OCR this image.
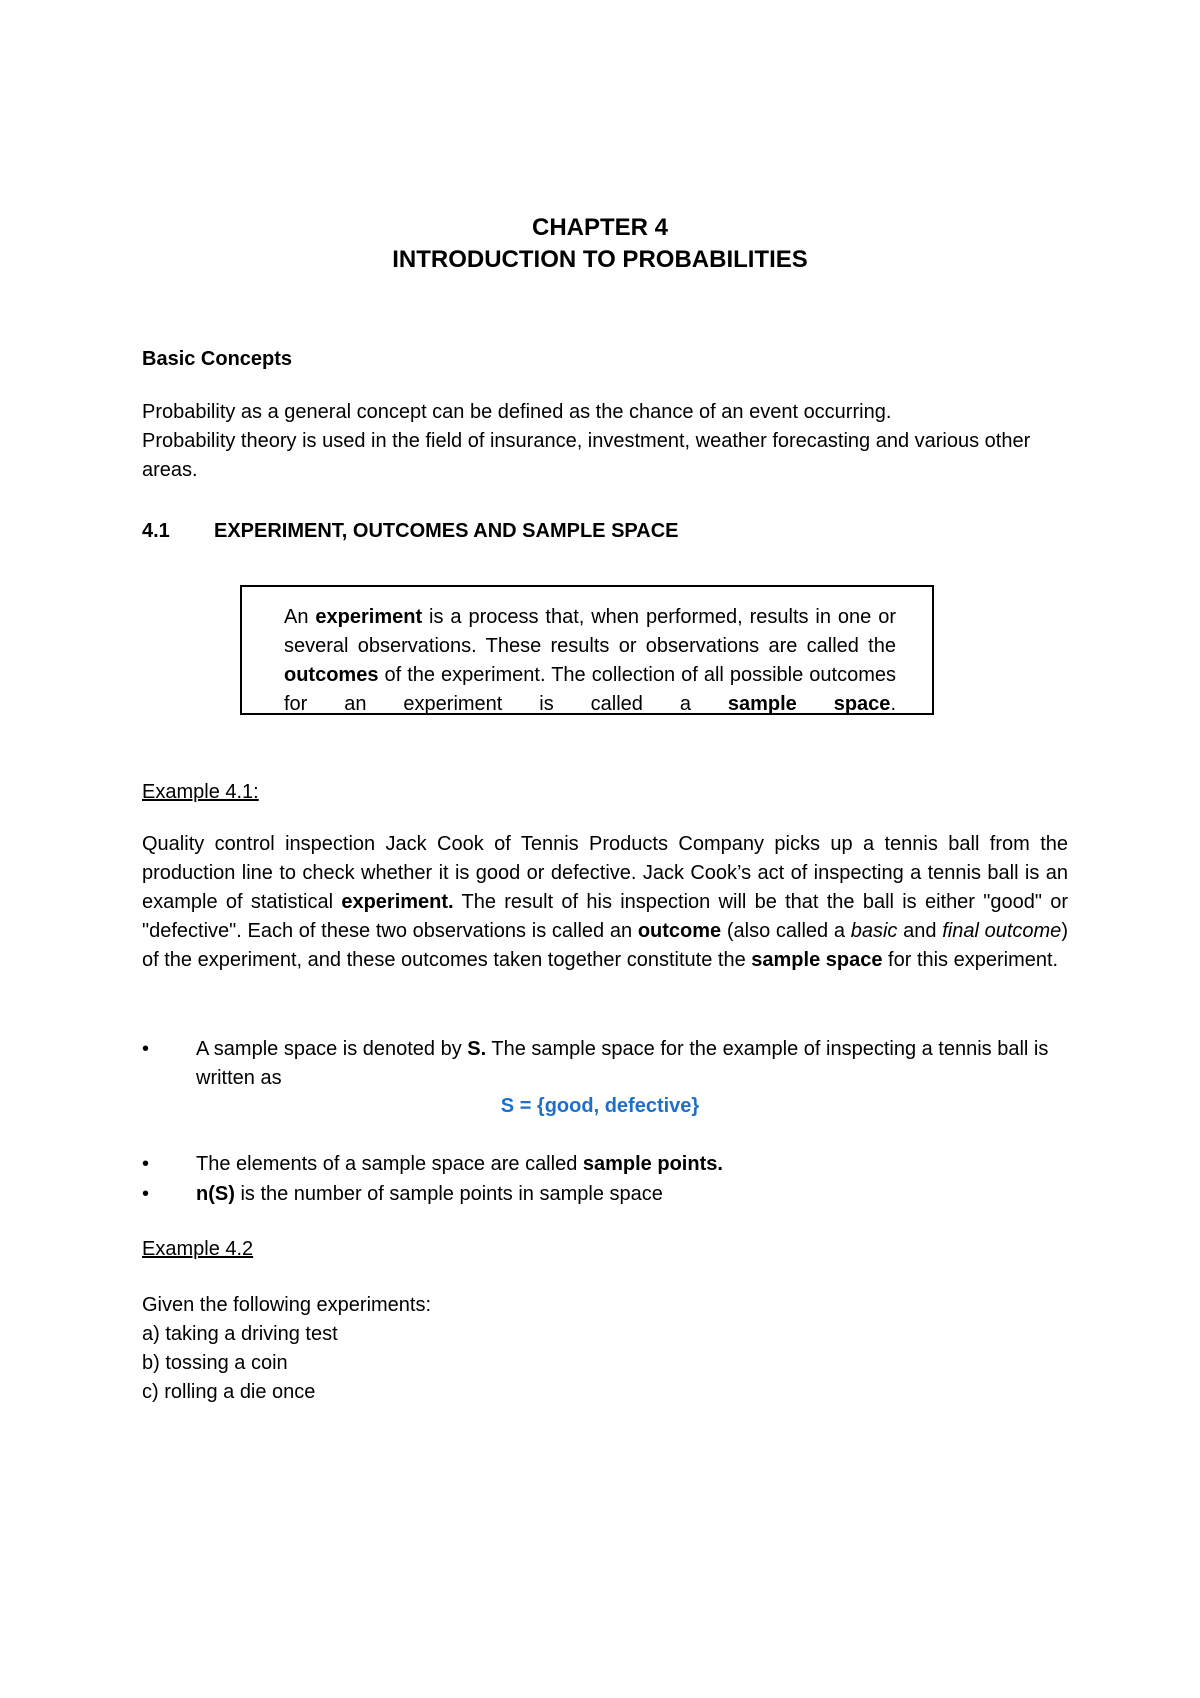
CHAPTER 4
INTRODUCTION TO PROBABILITIES
Basic Concepts

Probability as a general concept can be defined as the chance of an event occurring.

Probability theory is used in the field of insurance, investment, weather forecasting and various other areas.

4.1 EXPERIMENT, OUTCOMES AND SAMPLE SPACE
An experiment is a process that, when performed, results in one or several observations. These results or observations are called the outcomes of the experiment. The collection of all possible outcomes for an experiment is called a sample space.
Example 4.1:
Quality control inspection Jack Cook of Tennis Products Company picks up a tennis ball from the production line to check whether it is good or defective. Jack Cook’s act of inspecting a tennis ball is an example of statistical experiment. The result of his inspection will be that the ball is either "good" or "defective". Each of these two observations is called an outcome (also called a basic and final outcome) of the experiment, and these outcomes taken together constitute the sample space for this experiment.
•	A sample space is denoted by S. The sample space for the example of inspecting a tennis ball is written as
S = {good, defective}
•	The elements of a sample space are called sample points.
•	n(S) is the number of sample points in sample space
Example 4.2
Given the following experiments:
a) taking a driving test
b) tossing a coin
c) rolling a die once
